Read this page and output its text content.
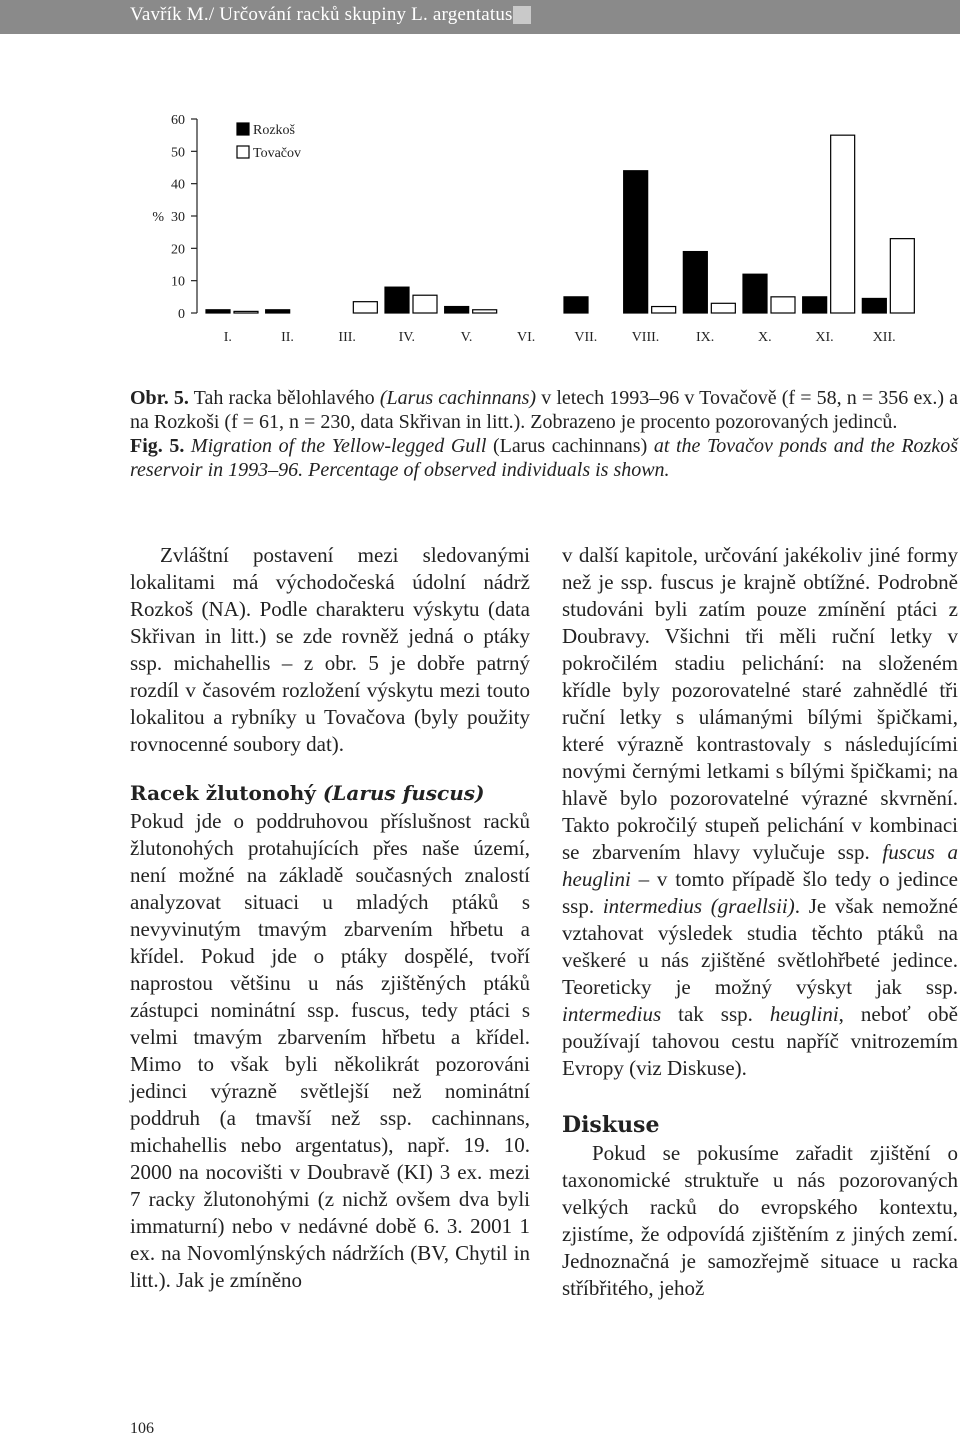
Vavřík M./ Určování racků skupiny L. argentatus
0
10
20
30
40
50
60
%
I.	II.	III.	IV.	V.	VI.	VII. VIII.	IX.	X.	XI.	XII.
Rozkoš
Tovačov

Obr. 5. Tah racka bělohlavého (Larus cachinnans) v letech 1993–96 v Tovačově (f = 58, n = 356 ex.) a na Rozkoši (f = 61, n = 230, data Skřivan in litt.). Zobrazeno je procento pozorovaných jedinců.

Fig. 5. Migration of the Yellow-legged Gull (Larus cachinnans) at the Tovačov ponds and the Rozkoš reservoir in 1993–96. Percentage of observed individuals is shown.

Zvláštní postavení mezi sledovanými lokalitami má východočeská údolní nádrž Rozkoš (NA). Podle charakteru výskytu (data Skřivan in litt.) se zde rovněž jedná o ptáky ssp. michahellis – z obr. 5 je dobře patrný rozdíl v časovém rozložení výskytu mezi touto lokalitou a rybníky u Tovačova (byly použity rovnocenné soubory dat).

Racek žlutonohý (Larus fuscus)

Pokud jde o poddruhovou příslušnost racků žlutonohých protahujících přes naše území, není možné na základě současných znalostí analyzovat situaci u mladých ptáků s nevyvinutým tmavým zbarvením hřbetu a křídel. Pokud jde o ptáky dospělé, tvoří naprostou většinu u nás zjištěných ptáků zástupci nominátní ssp. fuscus, tedy ptáci s velmi tmavým zbarvením hřbetu a křídel. Mimo to však byli několikrát pozorováni jedinci výrazně světlejší než nominátní poddruh (a tmavší než ssp. cachinnans, michahellis nebo argentatus), např. 19. 10. 2000 na nocovišti v Doubravě (KI) 3 ex. mezi 7 racky žlutonohými (z nichž ovšem dva byli immaturní) nebo v nedávné době 6. 3. 2001 1 ex. na Novomlýnských nádržích (BV, Chytil in litt.). Jak je zmíněno

v další kapitole, určování jakékoliv jiné formy než je ssp. fuscus je krajně obtížné. Podrobně studováni byli zatím pouze zmínění ptáci z Doubravy. Všichni tři měli ruční letky v pokročilém stadiu pelichání: na složeném křídle byly pozorovatelné staré zahnědlé tři ruční letky s ulámanými bílými špičkami, které výrazně kontrastovaly s následujícími novými černými letkami s bílými špičkami; na hlavě bylo pozorovatelné výrazné skvrnění. Takto pokročilý stupeň pelichání v kombinaci se zbarvením hlavy vylučuje ssp. fuscus a heuglini – v tomto případě šlo tedy o jedince ssp. intermedius (graellsii). Je však nemožné vztahovat výsledek studia těchto ptáků na veškeré u nás zjištěné světlohřbeté jedince. Teoreticky je možný výskyt jak ssp. intermedius tak ssp. heuglini, neboť obě používají tahovou cestu napříč vnitrozemím Evropy (viz Diskuse).

Diskuse

Pokud se pokusíme zařadit zjištění o taxonomické struktuře u nás pozorovaných velkých racků do evropského kontextu, zjistíme, že odpovídá zjištěním z jiných zemí. Jednoznačná je samozřejmě situace u racka stříbřitého, jehož

106
